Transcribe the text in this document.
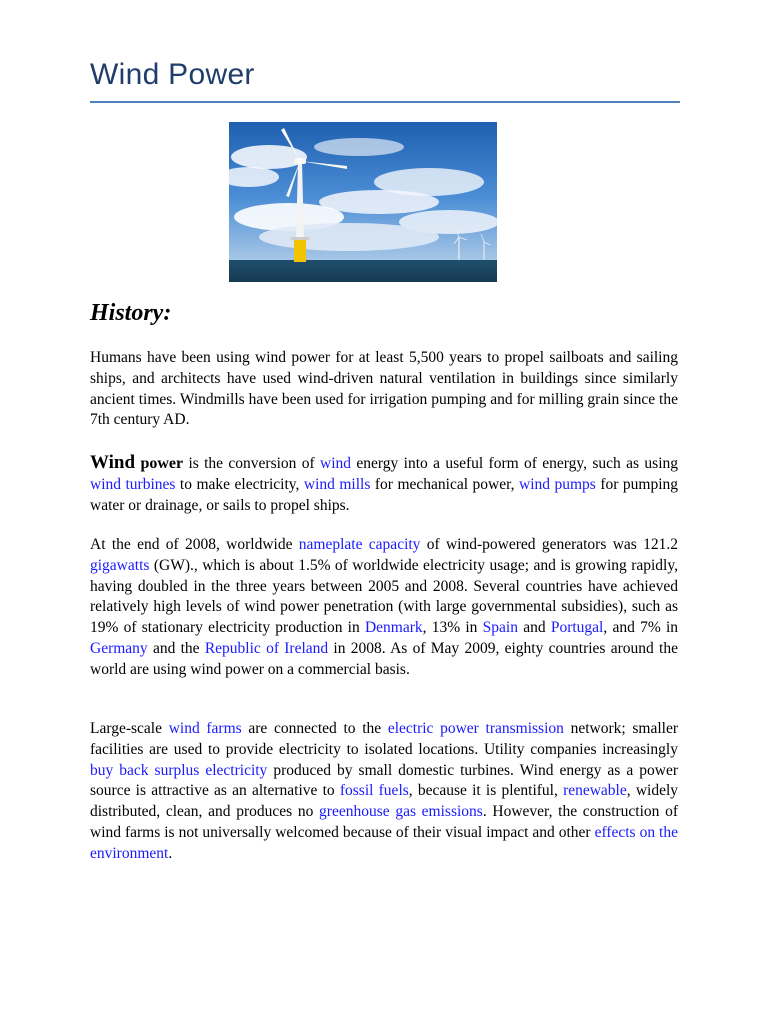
Wind Power
History:

Humans have been using wind power for at least 5,500 years to propel sailboats and sailing ships, and architects have used wind-driven natural ventilation in buildings since similarly ancient times. Windmills have been used for irrigation pumping and for milling grain since the 7th century AD.

Wind power is the conversion of wind energy into a useful form of energy, such as using wind turbines to make electricity, wind mills for mechanical power, wind pumps for pumping water or drainage, or sails to propel ships.

At the end of 2008, worldwide nameplate capacity of wind-powered generators was 121.2 gigawatts (GW)., which is about 1.5% of worldwide electricity usage; and is growing rapidly, having doubled in the three years between 2005 and 2008. Several countries have achieved relatively high levels of wind power penetration (with large governmental subsidies), such as 19% of stationary electricity production in Denmark, 13% in Spain and Portugal, and 7% in Germany and the Republic of Ireland in 2008. As of May 2009, eighty countries around the world are using wind power on a commercial basis.

Large-scale wind farms are connected to the electric power transmission network; smaller facilities are used to provide electricity to isolated locations. Utility companies increasingly buy back surplus electricity produced by small domestic turbines. Wind energy as a power source is attractive as an alternative to fossil fuels, because it is plentiful, renewable, widely distributed, clean, and produces no greenhouse gas emissions. However, the construction of wind farms is not universally welcomed because of their visual impact and other effects on the environment.
